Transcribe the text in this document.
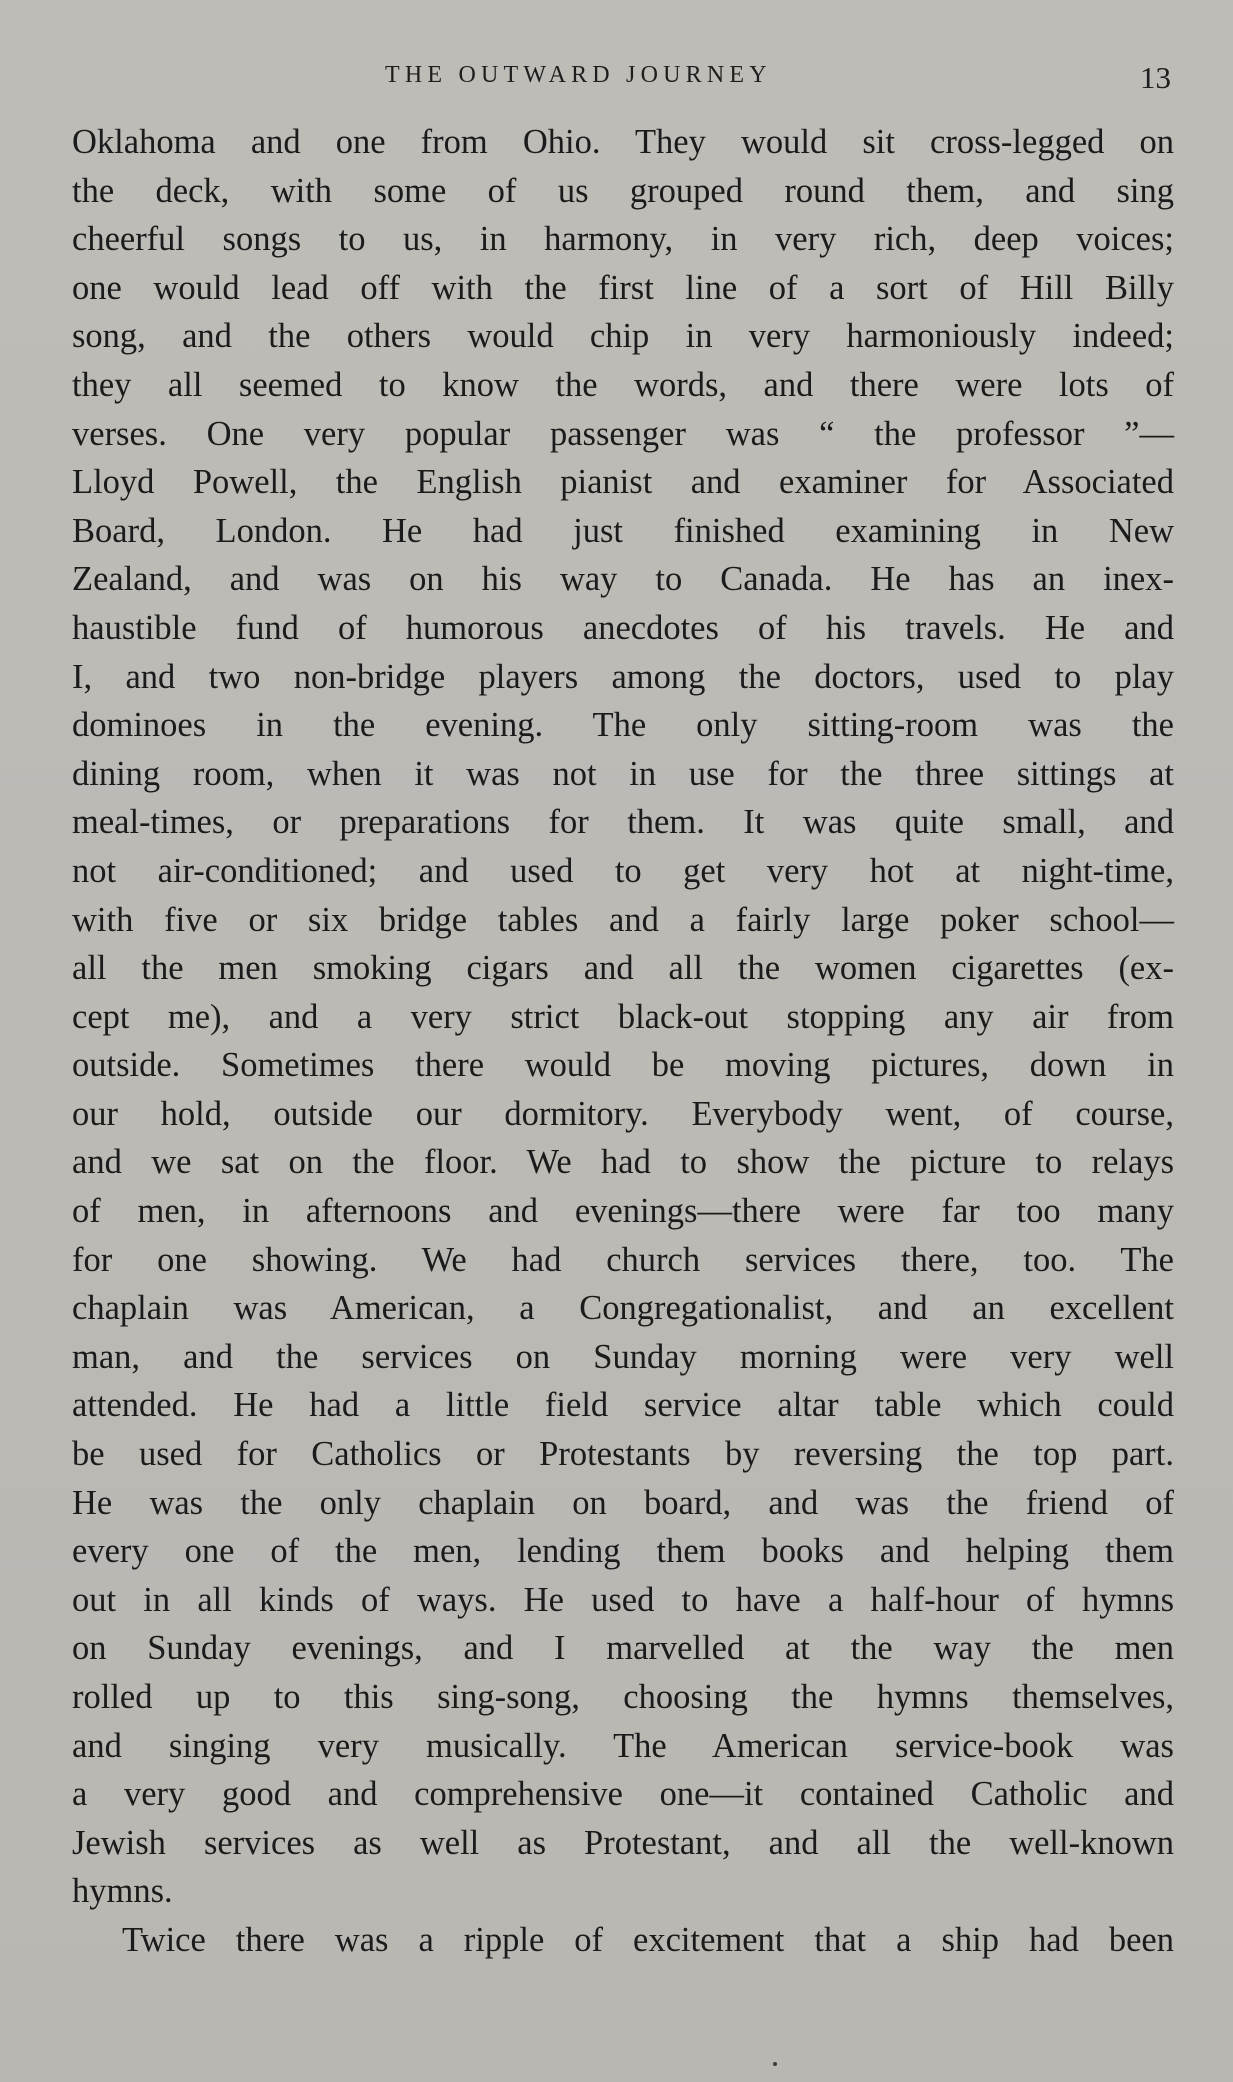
THE OUTWARD JOURNEY	13
Oklahoma and one from Ohio. They would sit cross-legged on
the deck, with some of us grouped round them, and sing
cheerful songs to us, in harmony, in very rich, deep voices;
one would lead off with the first line of a sort of Hill Billy
song, and the others would chip in very harmoniously indeed;
they all seemed to know the words, and there were lots of
verses. One very popular passenger was “ the professor ”—
Lloyd Powell, the English pianist and examiner for Associated
Board, London. He had just finished examining in New
Zealand, and was on his way to Canada. He has an inex-
haustible fund of humorous anecdotes of his travels. He and
I, and two non-bridge players among the doctors, used to play
dominoes in the evening. The only sitting-room was the
dining room, when it was not in use for the three sittings at
meal-times, or preparations for them. It was quite small, and
not air-conditioned; and used to get very hot at night-time,
with five or six bridge tables and a fairly large poker school—
all the men smoking cigars and all the women cigarettes (ex-
cept me), and a very strict black-out stopping any air from
outside. Sometimes there would be moving pictures, down in
our hold, outside our dormitory. Everybody went, of course,
and we sat on the floor. We had to show the picture to relays
of men, in afternoons and evenings—there were far too many
for one showing. We had church services there, too. The
chaplain was American, a Congregationalist, and an excellent
man, and the services on Sunday morning were very well
attended. He had a little field service altar table which could
be used for Catholics or Protestants by reversing the top part.
He was the only chaplain on board, and was the friend of
every one of the men, lending them books and helping them
out in all kinds of ways. He used to have a half-hour of hymns
on Sunday evenings, and I marvelled at the way the men
rolled up to this sing-song, choosing the hymns themselves,
and singing very musically. The American service-book was
a very good and comprehensive one—it contained Catholic and
Jewish services as well as Protestant, and all the well-known
hymns.
Twice there was a ripple of excitement that a ship had been
